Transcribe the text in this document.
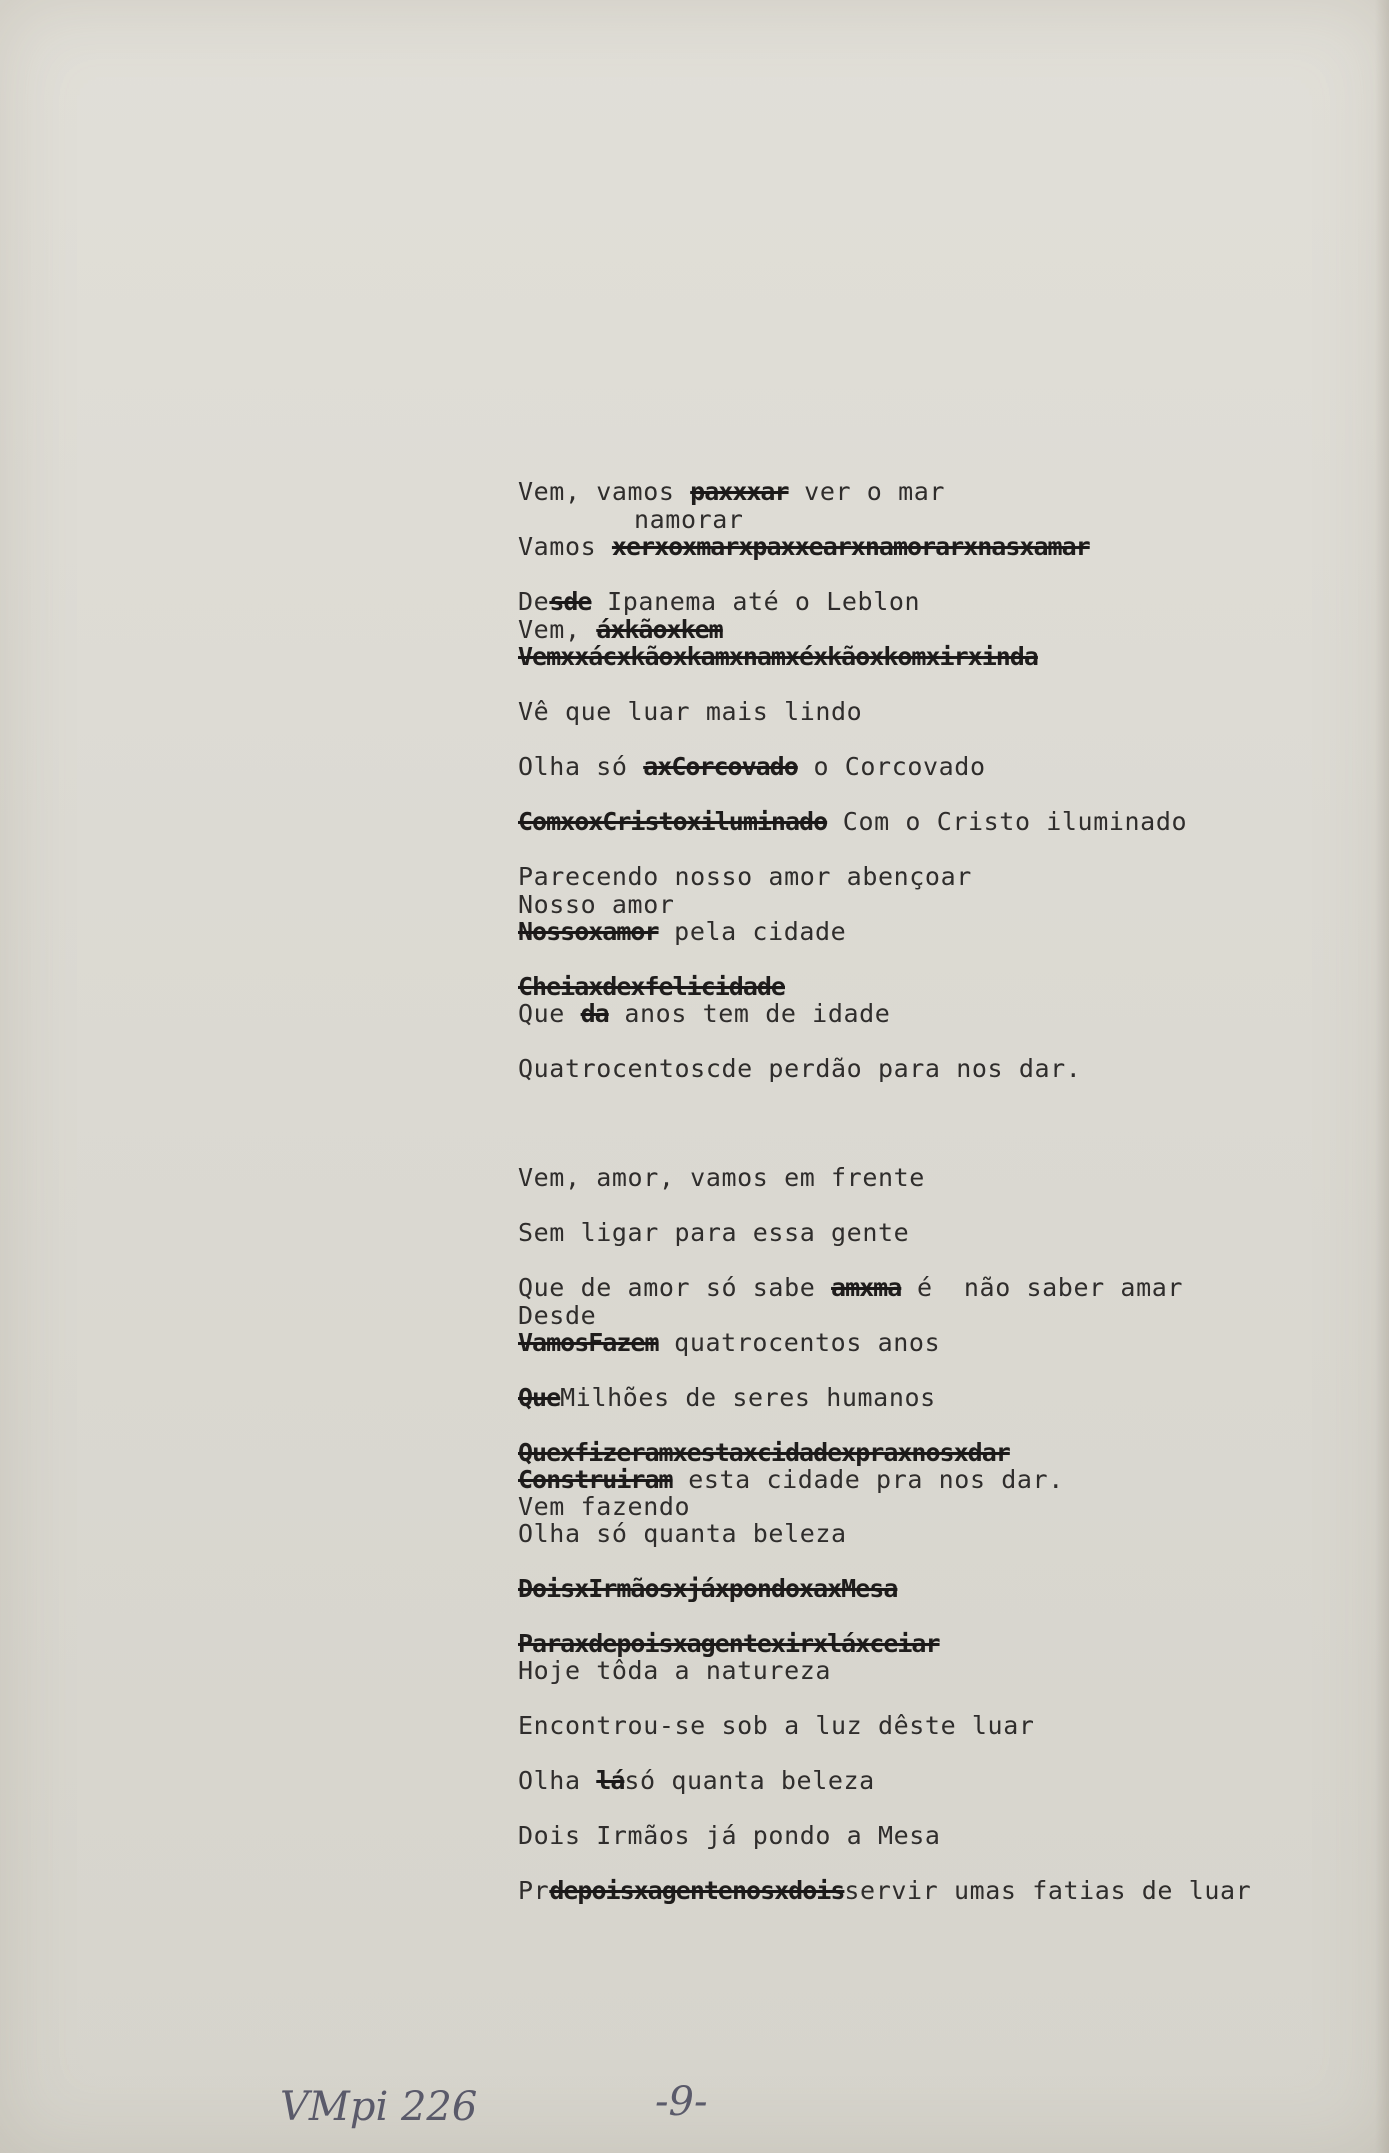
Vem, vamos paxxxar ver o mar
namorar
Vamos xerxoxmarxpaxxearxnamorarxnasxamar
Desde Ipanema até o Leblon
Vem, áxkãoxkem
Vemxxácxkãoxkamxnamxéxkãoxkomxirxinda
Vê que luar mais lindo
Olha só axCorcovado o Corcovado
ComxoxCristoxiluminado Com o Cristo iluminado
Parecendo nosso amor abençoar
Nosso amor
Nossoxamor pela cidade
Cheiaxdexfelicidade
Que da anos tem de idade
Quatrocentoscde perdão para nos dar.
Vem, amor, vamos em frente
Sem ligar para essa gente
Que de amor só sabe amxma é  não saber amar
Desde
VamosFazem quatrocentos anos
QueMilhões de seres humanos
Quexfizeramxestaxcidadexpraxnosxdar
Construiram esta cidade pra nos dar.
Vem fazendo
Olha só quanta beleza
DoisxIrmãosxjáxpondoxaxMesa
Paraxdepoisxagentexirxláxceiar
Hoje tôda a natureza
Encontrou-se sob a luz dêste luar
Olha lásó quanta beleza
Dois Irmãos já pondo a Mesa
Prdepoisxagentenosxdoisservir umas fatias de luar
VMpi 226	-9-
